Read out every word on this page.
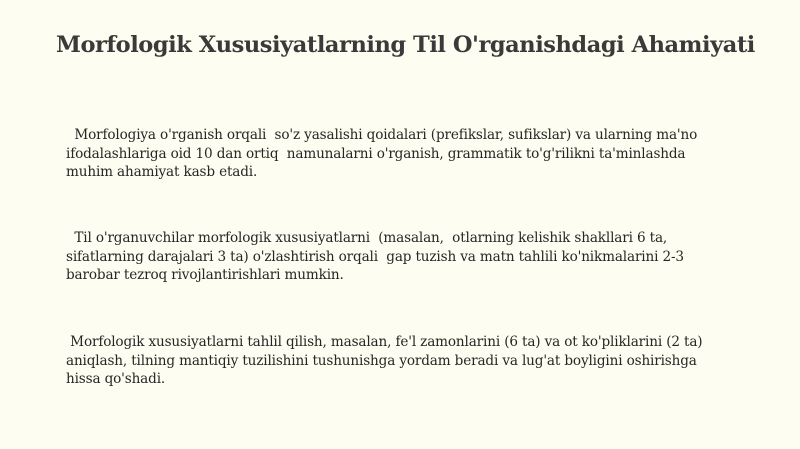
Morfologik Xususiyatlarning Til O'rganishdagi Ahamiyati

Morfologiya o'rganish orqali  so'z yasalishi qoidalari (prefikslar, sufikslar) va ularning ma'no
ifodalashlariga oid 10 dan ortiq  namunalarni o'rganish, grammatik to'g'rilikni ta'minlashda
muhim ahamiyat kasb etadi.

Til o'rganuvchilar morfologik xususiyatlarni  (masalan,  otlarning kelishik shakllari 6 ta,
sifatlarning darajalari 3 ta) o'zlashtirish orqali  gap tuzish va matn tahlili ko'nikmalarini 2-3
barobar tezroq rivojlantirishlari mumkin.

Morfologik xususiyatlarni tahlil qilish, masalan, fe'l zamonlarini (6 ta) va ot ko'pliklarini (2 ta)
aniqlash, tilning mantiqiy tuzilishini tushunishga yordam beradi va lug'at boyligini oshirishga
hissa qo'shadi.
